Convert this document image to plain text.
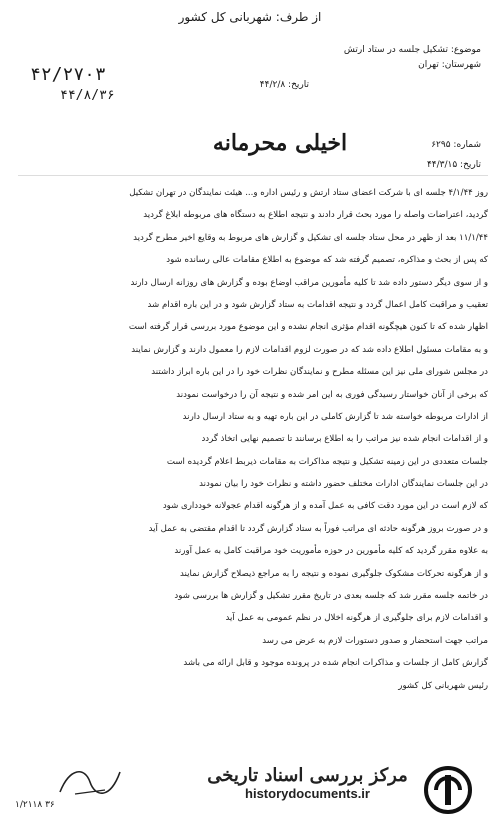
از طرف: شهربانی کل کشور
۴۲/۲۷۰۳
۴۴/۸/۳۶
موضوع: تشکیل جلسه در ستاد ارتش
شهرستان: تهران
تاریخ: ۴۴/۲/۸
شماره: ۶۲۹۵
تاریخ: ۴۴/۳/۱۵
اخیلی محرمانه
روز ۴/۱/۴۴ جلسه ای با شرکت اعضای ستاد ارتش و رئیس اداره و... هیئت نمایندگان در تهران تشکیل
گردید، اعتراضات واصله را مورد بحث قرار دادند و نتیجه اطلاع به دستگاه های مربوطه ابلاغ گردید
۱۱/۱/۴۴ بعد از ظهر در محل ستاد جلسه ای تشکیل و گزارش های مربوط به وقایع اخیر مطرح گردید
که پس از بحث و مذاکره، تصمیم گرفته شد که موضوع به اطلاع مقامات عالی رسانده شود
و از سوی دیگر دستور داده شد تا کلیه مأمورین مراقب اوضاع بوده و گزارش های روزانه ارسال دارند
تعقیب و مراقبت کامل اعمال گردد و نتیجه اقدامات به ستاد گزارش شود و در این باره اقدام شد
اظهار شده که تا کنون هیچگونه اقدام مؤثری انجام نشده و این موضوع مورد بررسی قرار گرفته است
و به مقامات مسئول اطلاع داده شد که در صورت لزوم اقدامات لازم را معمول دارند و گزارش نمایند
در مجلس شورای ملی نیز این مسئله مطرح و نمایندگان نظرات خود را در این باره ابراز داشتند
که برخی از آنان خواستار رسیدگی فوری به این امر شده و نتیجه آن را درخواست نمودند
از ادارات مربوطه خواسته شد تا گزارش کاملی در این باره تهیه و به ستاد ارسال دارند
و از اقدامات انجام شده نیز مراتب را به اطلاع برسانند تا تصمیم نهایی اتخاذ گردد
جلسات متعددی در این زمینه تشکیل و نتیجه مذاکرات به مقامات ذیربط اعلام گردیده است
در این جلسات نمایندگان ادارات مختلف حضور داشته و نظرات خود را بیان نمودند
که لازم است در این مورد دقت کافی به عمل آمده و از هرگونه اقدام عجولانه خودداری شود
و در صورت بروز هرگونه حادثه ای مراتب فوراً به ستاد گزارش گردد تا اقدام مقتضی به عمل آید
به علاوه مقرر گردید که کلیه مأمورین در حوزه مأموریت خود مراقبت کامل به عمل آورند
و از هرگونه تحرکات مشکوک جلوگیری نموده و نتیجه را به مراجع ذیصلاح گزارش نمایند
در خاتمه جلسه مقرر شد که جلسه بعدی در تاریخ مقرر تشکیل و گزارش ها بررسی شود
و اقدامات لازم برای جلوگیری از هرگونه اخلال در نظم عمومی به عمل آید
مراتب جهت استحضار و صدور دستورات لازم به عرض می رسد
گزارش کامل از جلسات و مذاکرات انجام شده در پرونده موجود و قابل ارائه می باشد
رئیس شهربانی کل کشور
۱/۲۱۱۸ ۳۶
مرکز بررسی اسناد تاریخی
historydocuments.ir
